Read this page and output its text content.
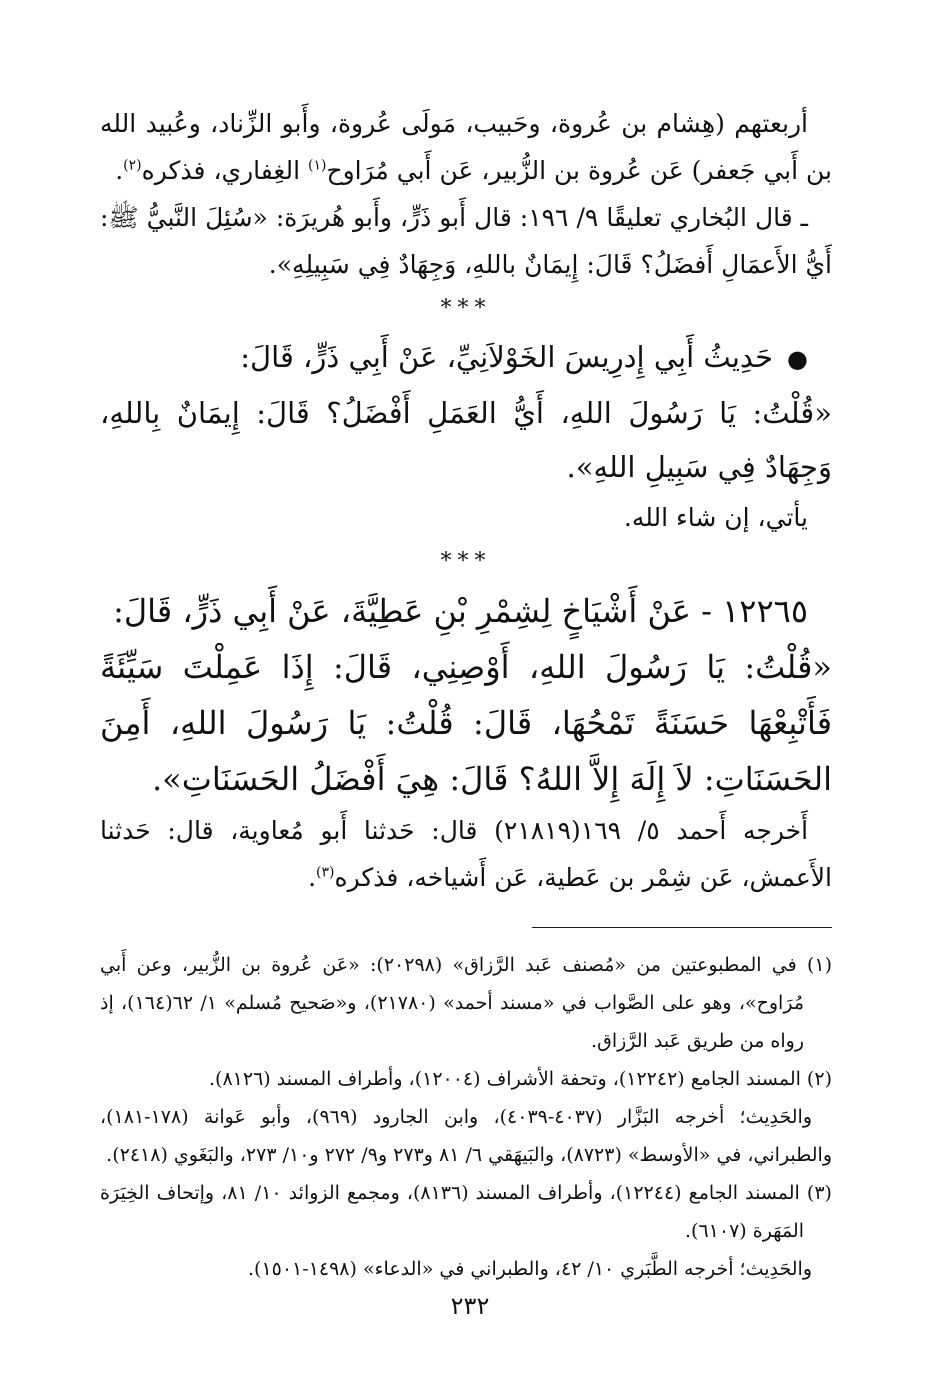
أربعتهم (هِشام بن عُروة، وحَبيب، مَولَى عُروة، وأَبو الزِّناد، وعُبيد الله بن أَبي جَعفر) عَن عُروة بن الزُّبير، عَن أَبي مُرَاوح$^{(١)}$ الغِفاري، فذكره$^{(٢)}$.

ـ قال البُخاري تعليقًا ٩/ ١٩٦: قال أَبو ذَرٍّ، وأَبو هُريرَة: «سُئِلَ النَّبيُّ ﷺ: أَيُّ الأَعمَالِ أَفضَلُ؟ قَالَ: إِيمَانٌ باللهِ، وَجِهَادٌ فِي سَبِيلِهِ».

***

●حَدِيثُ أَبِي إِدرِيسَ الخَوْلاَنِيِّ، عَنْ أَبِي ذَرٍّ، قَالَ:

«قُلْتُ: يَا رَسُولَ اللهِ، أَيُّ العَمَلِ أَفْضَلُ؟ قَالَ: إِيمَانٌ بِاللهِ، وَجِهَادٌ فِي سَبِيلِ اللهِ».

يأتي، إن شاء الله.

***

١٢٢٦٥ - عَنْ أَشْيَاخٍ لِشِمْرِ بْنِ عَطِيَّةَ، عَنْ أَبِي ذَرٍّ، قَالَ:

«قُلْتُ: يَا رَسُولَ اللهِ، أَوْصِنِي، قَالَ: إِذَا عَمِلْتَ سَيِّئَةً فَأَتْبِعْهَا حَسَنَةً تَمْحُهَا، قَالَ: قُلْتُ: يَا رَسُولَ اللهِ، أَمِنَ الحَسَنَاتِ: لاَ إِلَهَ إِلاَّ اللهُ؟ قَالَ: هِيَ أَفْضَلُ الحَسَنَاتِ».

أَخرجه أَحمد ٥/ ١٦٩(٢١٨١٩) قال: حَدثنا أَبو مُعاوية، قال: حَدثنا الأَعمش، عَن شِمْر بن عَطية، عَن أَشياخه، فذكره$^{(٣)}$.

(١) في المطبوعتين من «مُصنف عَبد الرَّزاق» (٢٠٢٩٨): «عَن عُروة بن الزُّبير، وعن أَبي مُرَاوح»، وهو على الصَّواب في «مسند أحمد» (٢١٧٨٠)، و«صَحيح مُسلم» ١/ ٦٢(١٦٤)، إذ رواه من طريق عَبد الرَّزاق.

(٢) المسند الجامع (١٢٢٤٢)، وتحفة الأشراف (١٢٠٠٤)، وأطراف المسند (٨١٢٦).

والحَدِيث؛ أخرجه البَزَّار (٤٠٣٧-٤٠٣٩)، وابن الجارود (٩٦٩)، وأبو عَوانة (١٧٨-١٨١)، والطبراني، في «الأوسط» (٨٧٢٣)، والبَيهَقي ٦/ ٨١ و٢٧٣ و٩/ ٢٧٢ و١٠/ ٢٧٣، والبَغَوي (٢٤١٨).

(٣) المسند الجامع (١٢٢٤٤)، وأطراف المسند (٨١٣٦)، ومجمع الزوائد ١٠/ ٨١، وإتحاف الخِيَرَة المَهَرة (٦١٠٧).

والحَدِيث؛ أخرجه الطَّبَري ١٠/ ٤٢، والطبراني في «الدعاء» (١٤٩٨-١٥٠١).

٢٣٢
